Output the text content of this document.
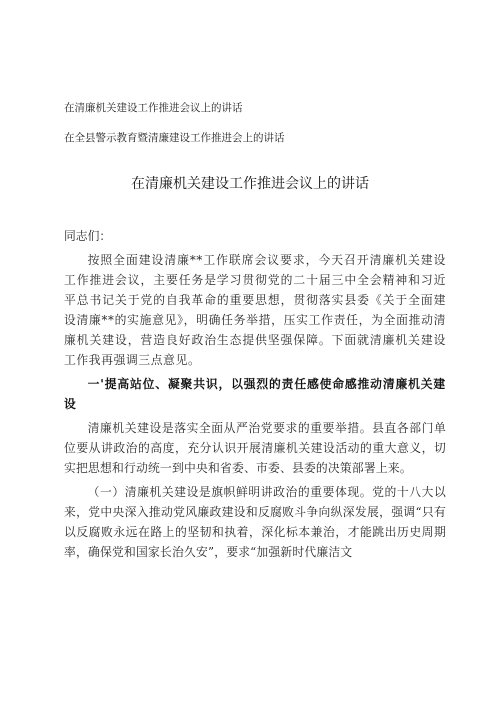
在清廉机关建设工作推进会议上的讲话
在全县警示教育暨清廉建设工作推进会上的讲话
在清廉机关建设工作推进会议上的讲话

同志们：

按照全面建设清廉**工作联席会议要求，今天召开清廉机关建设工作推进会议，主要任务是学习贯彻党的二十届三中全会精神和习近平总书记关于党的自我革命的重要思想，贯彻落实县委《关于全面建设清廉**的实施意见》，明确任务举措，压实工作责任，为全面推动清廉机关建设，营造良好政治生态提供坚强保障。下面就清廉机关建设工作我再强调三点意见。

一'提高站位、凝聚共识，以强烈的责任感使命感推动清廉机关建设

清廉机关建设是落实全面从严治党要求的重要举措。县直各部门单位要从讲政治的高度，充分认识开展清廉机关建设活动的重大意义，切实把思想和行动统一到中央和省委、市委、县委的决策部署上来。

（一）清廉机关建设是旗帜鲜明讲政治的重要体现。党的十八大以来，党中央深入推动党风廉政建设和反腐败斗争向纵深发展，强调“只有以反腐败永远在路上的坚韧和执着，深化标本兼治，才能跳出历史周期率，确保党和国家长治久安”，要求“加强新时代廉洁文
